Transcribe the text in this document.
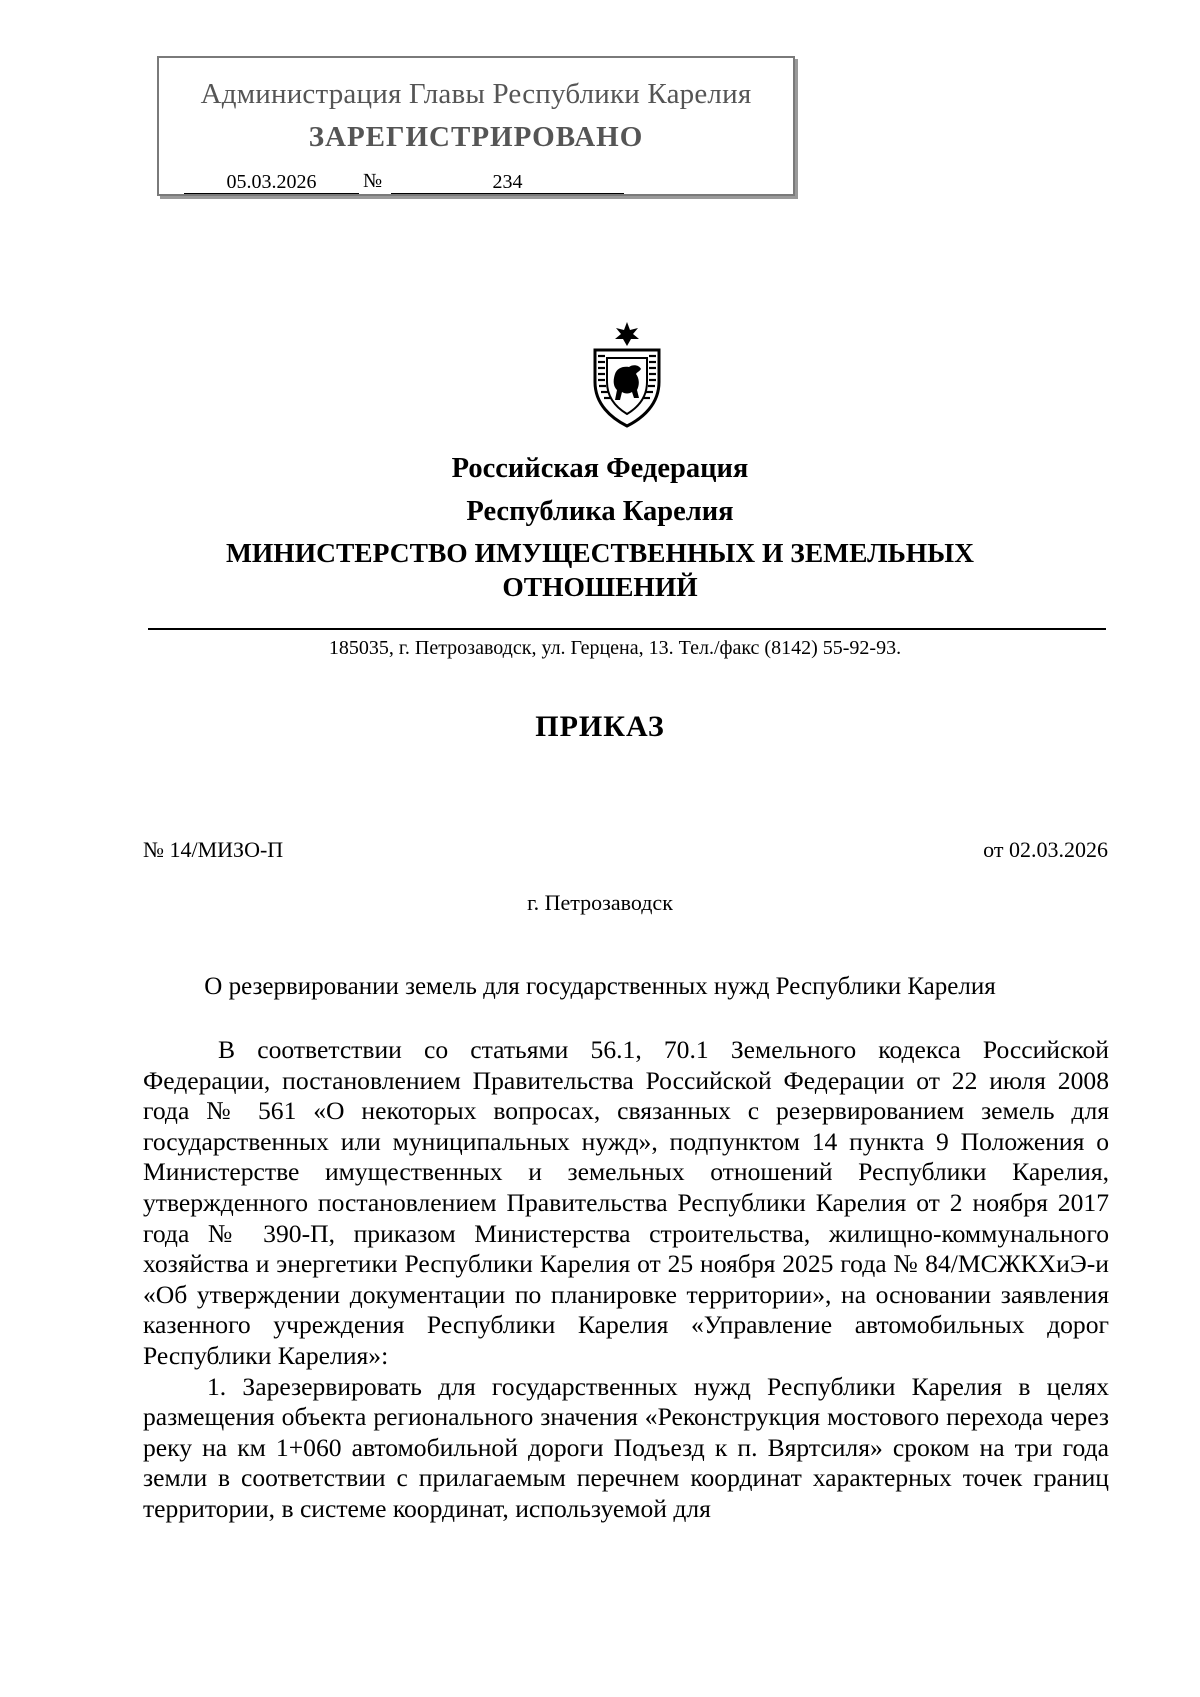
Администрация Главы Республики Карелия
ЗАРЕГИСТРИРОВАНО
05.03.2026	№	234
Российская Федерация
Республика Карелия
МИНИСТЕРСТВО ИМУЩЕСТВЕННЫХ И ЗЕМЕЛЬНЫХ
ОТНОШЕНИЙ
185035, г. Петрозаводск, ул. Герцена, 13. Тел./факс (8142) 55-92-93.
ПРИКАЗ
№ 14/МИЗО-П	от 02.03.2026
г. Петрозаводск
О резервировании земель для государственных нужд Республики Карелия

В соответствии со статьями 56.1, 70.1 Земельного кодекса Российской Федерации, постановлением Правительства Российской Федерации от 22 июля 2008 года № 561 «О некоторых вопросах, связанных с резервированием земель для государственных или муниципальных нужд», подпунктом 14 пункта 9 Положения о Министерстве имущественных и земельных отношений Республики Карелия, утвержденного постановлением Правительства Республики Карелия от 2 ноября 2017 года № 390-П, приказом Министерства строительства, жилищно-коммунального хозяйства и энергетики Республики Карелия от 25 ноября 2025 года № 84/МСЖКХиЭ-и «Об утверждении документации по планировке территории», на основании заявления казенного учреждения Республики Карелия «Управление автомобильных дорог Республики Карелия»:

1. Зарезервировать для государственных нужд Республики Карелия в целях размещения объекта регионального значения «Реконструкция мостового перехода через реку на км 1+060 автомобильной дороги Подъезд к п. Вяртсиля» сроком на три года земли в соответствии с прилагаемым перечнем координат характерных точек границ территории, в системе координат, используемой для
